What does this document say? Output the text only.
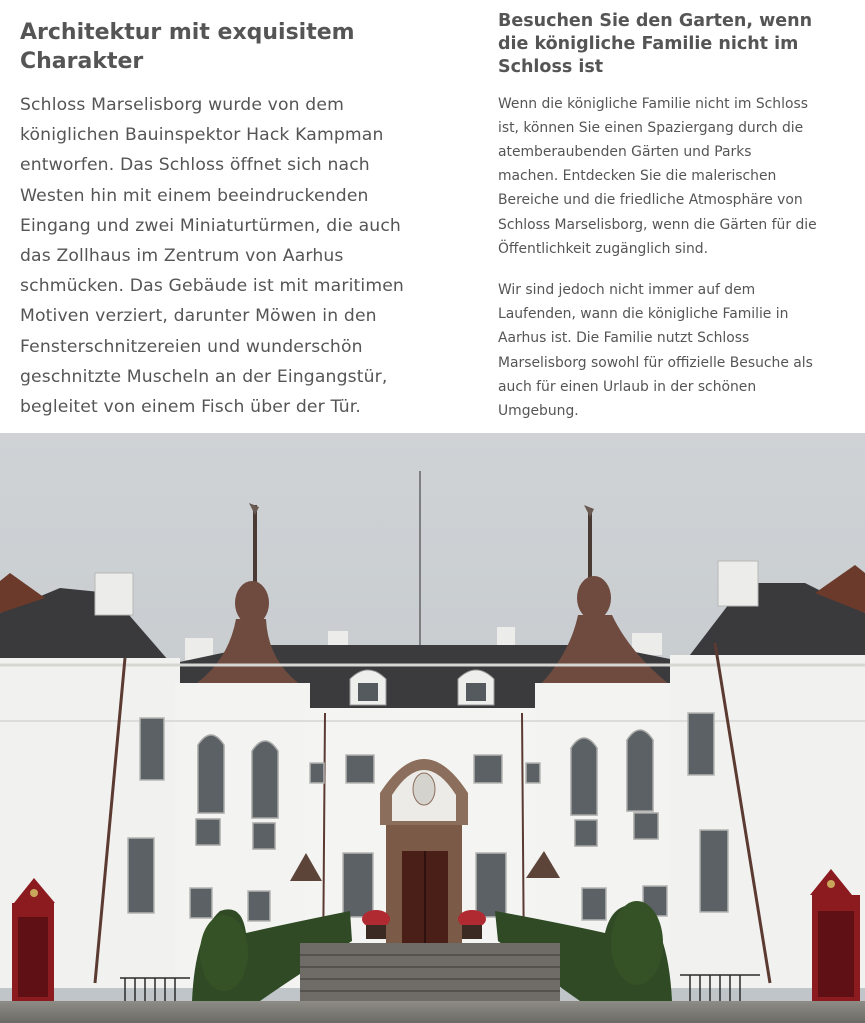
Architektur mit exquisitem
Charakter

Schloss Marselisborg wurde von dem
königlichen Bauinspektor Hack Kampman
entworfen. Das Schloss öffnet sich nach
Westen hin mit einem beeindruckenden
Eingang und zwei Miniaturtürmen, die auch
das Zollhaus im Zentrum von Aarhus
schmücken. Das Gebäude ist mit maritimen
Motiven verziert, darunter Möwen in den
Fensterschnitzereien und wunderschön
geschnitzte Muscheln an der Eingangstür,
begleitet von einem Fisch über der Tür.

Besuchen Sie den Garten, wenn
die königliche Familie nicht im
Schloss ist

Wenn die königliche Familie nicht im Schloss
ist, können Sie einen Spaziergang durch die
atemberaubenden Gärten und Parks
machen. Entdecken Sie die malerischen
Bereiche und die friedliche Atmosphäre von
Schloss Marselisborg, wenn die Gärten für die
Öffentlichkeit zugänglich sind.

Wir sind jedoch nicht immer auf dem
Laufenden, wann die königliche Familie in
Aarhus ist. Die Familie nutzt Schloss
Marselisborg sowohl für offizielle Besuche als
auch für einen Urlaub in der schönen
Umgebung.
